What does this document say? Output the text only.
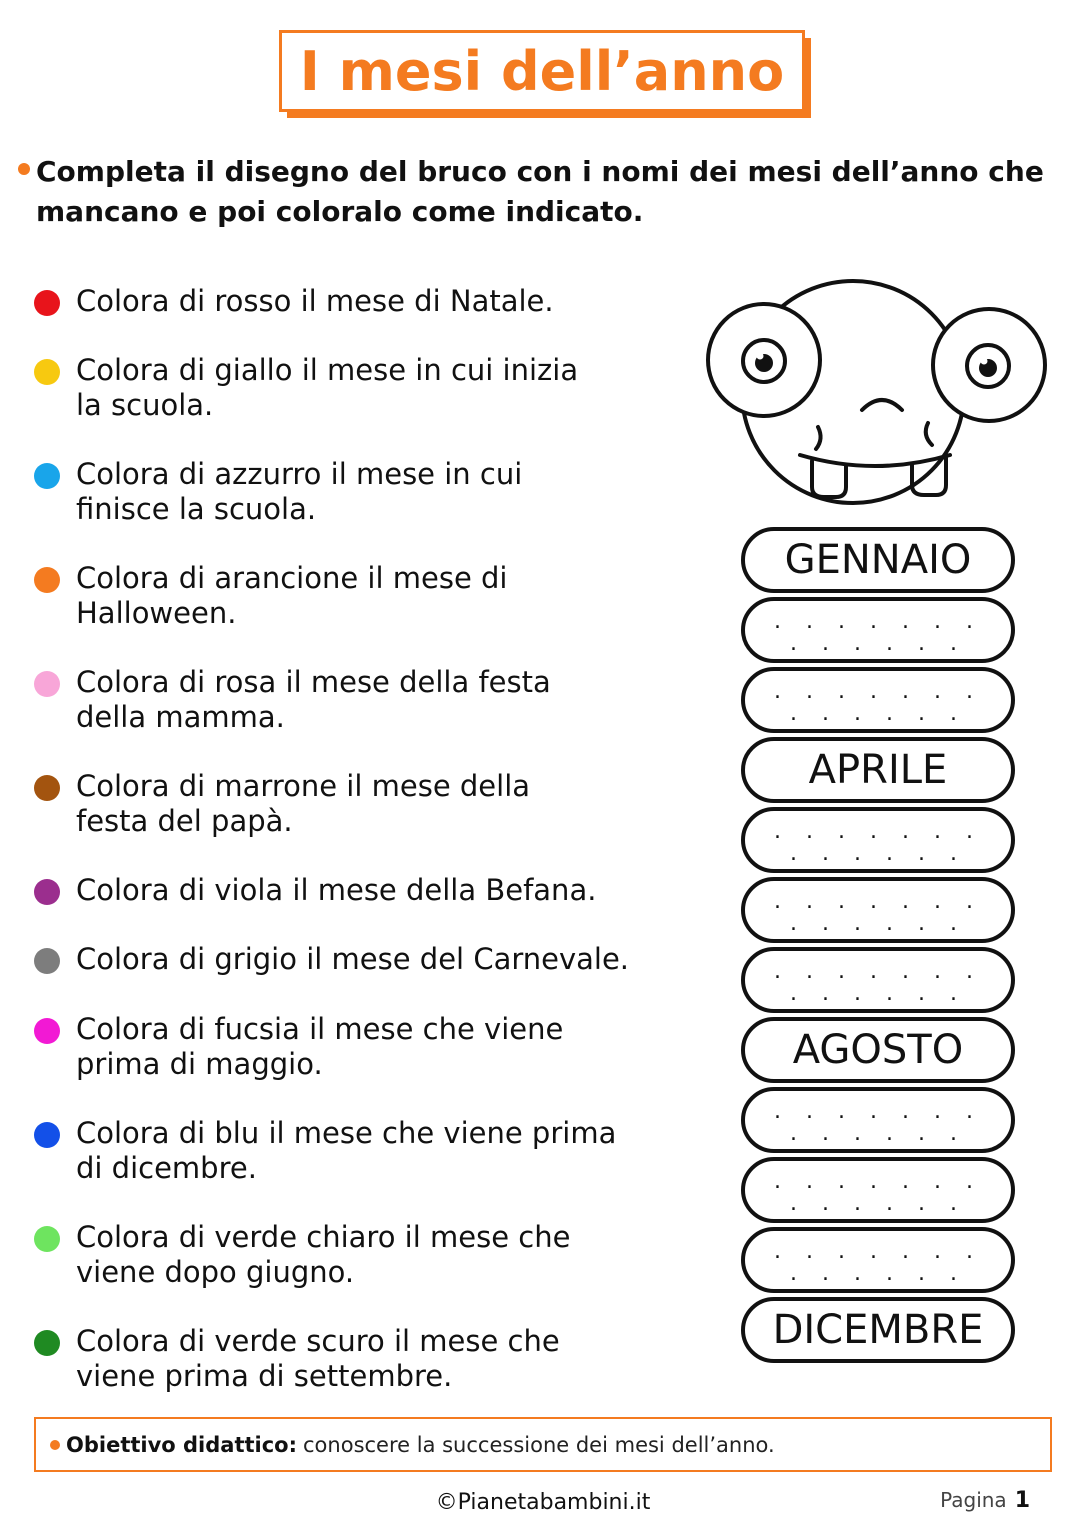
I mesi dell’anno
Completa il disegno del bruco con i nomi dei mesi dell’anno che
mancano e poi coloralo come indicato.
Colora di rosso il mese di Natale.
Colora di giallo il mese in cui inizia
la scuola.
Colora di azzurro il mese in cui
finisce la scuola.
Colora di arancione il mese di
Halloween.
Colora di rosa il mese della festa
della mamma.
Colora di marrone il mese della
festa del papà.
Colora di viola il mese della Befana.
Colora di grigio il mese del Carnevale.
Colora di fucsia il mese che viene
prima di maggio.
Colora di blu il mese che viene prima
di dicembre.
Colora di verde chiaro il mese che
viene dopo giugno.
Colora di verde scuro il mese che
viene prima di settembre.
GENNAIO
. . . . . . . . . . . . .
. . . . . . . . . . . . .
APRILE
. . . . . . . . . . . . .
. . . . . . . . . . . . .
. . . . . . . . . . . . .
AGOSTO
. . . . . . . . . . . . .
. . . . . . . . . . . . .
. . . . . . . . . . . . .
DICEMBRE
Obiettivo didattico: conoscere la successione dei mesi dell’anno.
©Pianetabambini.it	Pagina 1
